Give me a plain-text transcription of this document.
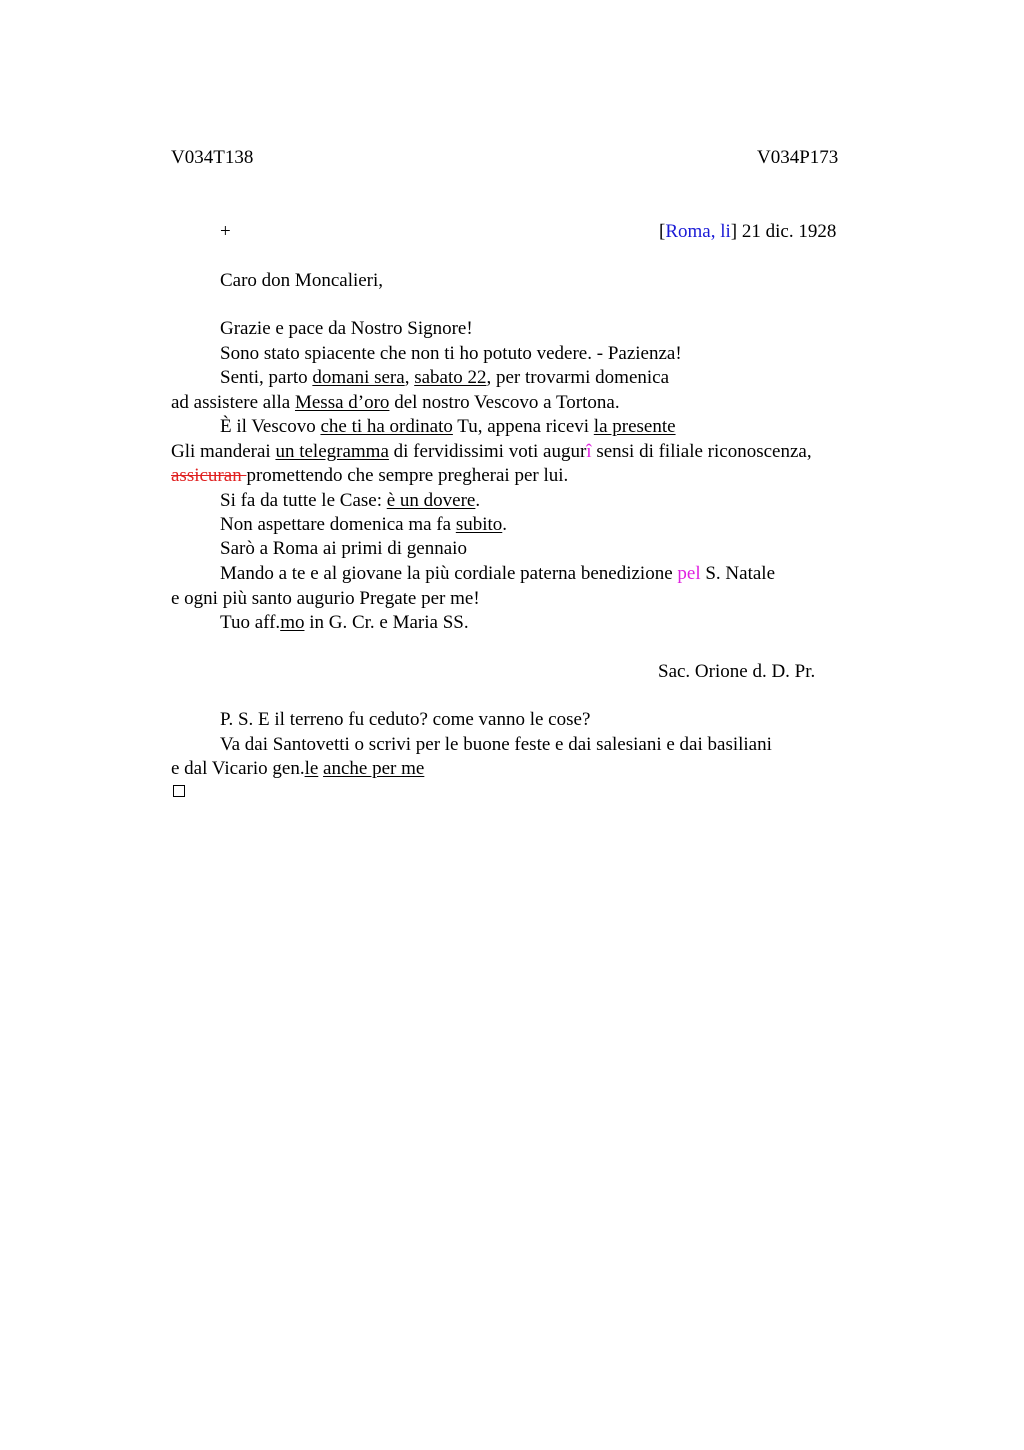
V034T138	V034P173
+	[Roma, li] 21 dic. 1928
Caro don Moncalieri,
Grazie e pace da Nostro Signore!
Sono stato spiacente che non ti ho potuto vedere. - Pazienza!
Senti, parto domani sera, sabato 22, per trovarmi domenica
ad assistere alla Messa d’oro del nostro Vescovo a Tortona.
È il Vescovo che ti ha ordinato Tu, appena ricevi la presente
Gli manderai un telegramma di fervidissimi voti augurî sensi di filiale riconoscenza,
assicuran promettendo che sempre pregherai per lui.
Si fa da tutte le Case: è un dovere.
Non aspettare domenica ma fa subito.
Sarò a Roma ai primi di gennaio
Mando a te e al giovane la più cordiale paterna benedizione pel S. Natale
e ogni più santo augurio Pregate per me!
Tuo aff.mo in G. Cr. e Maria SS.
Sac. Orione d. D. Pr.
P. S. E il terreno fu ceduto? come vanno le cose?
Va dai Santovetti o scrivi per le buone feste e dai salesiani e dai basiliani
e dal Vicario gen.le anche per me
